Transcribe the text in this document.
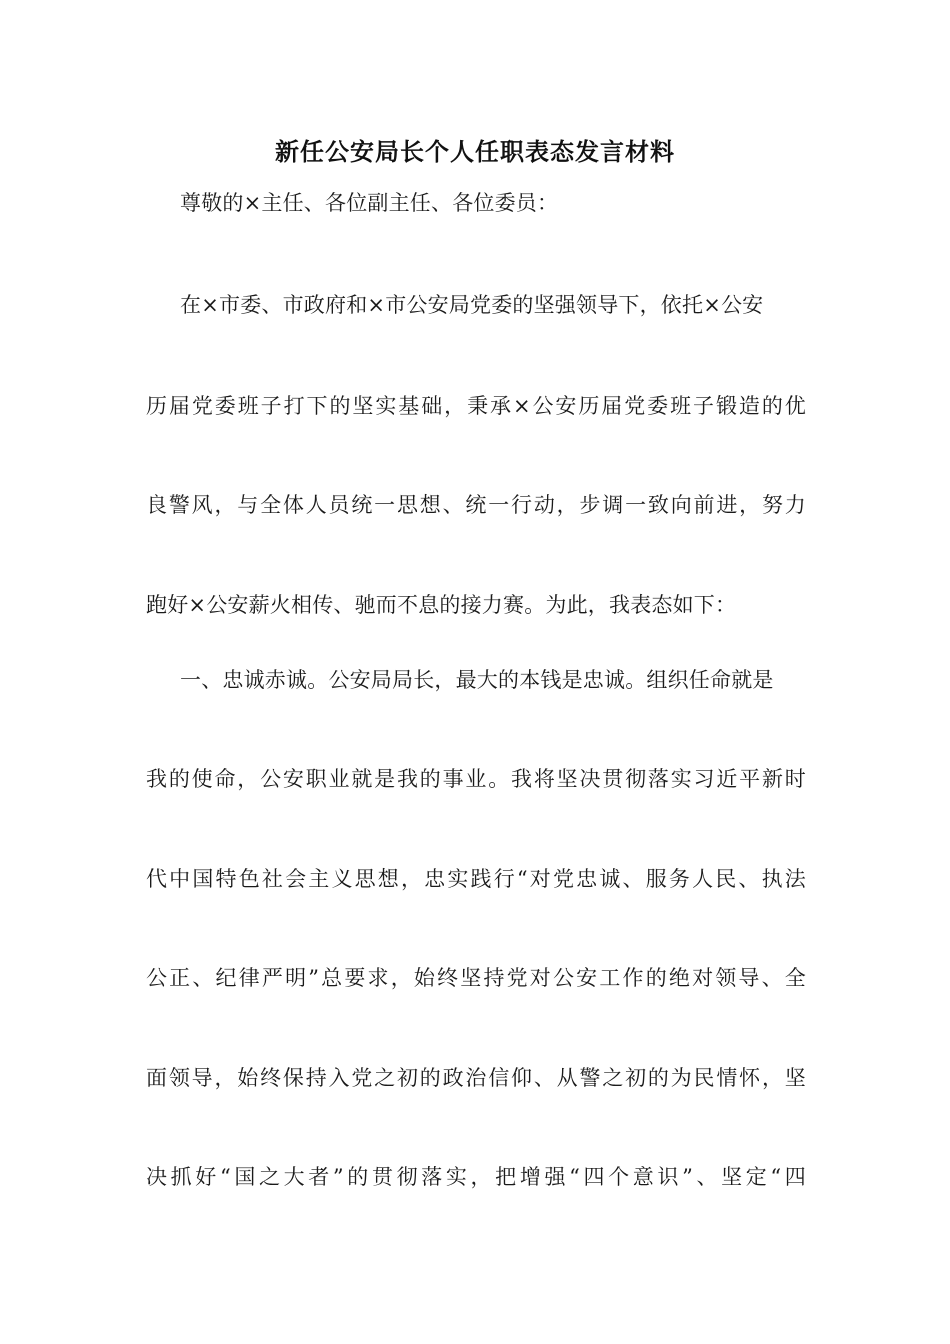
新任公安局长个人任职表态发言材料
尊敬的×主任、各位副主任、各位委员：
在×市委、市政府和×市公安局党委的坚强领导下，依托×公安
历届党委班子打下的坚实基础，秉承×公安历届党委班子锻造的优
良警风，与全体人员统一思想、统一行动，步调一致向前进，努力
跑好×公安薪火相传、驰而不息的接力赛。为此，我表态如下：
一、忠诚赤诚。公安局局长，最大的本钱是忠诚。组织任命就是
我的使命，公安职业就是我的事业。我将坚决贯彻落实习近平新时
代中国特色社会主义思想，忠实践行“对党忠诚、服务人民、执法
公正、纪律严明”总要求，始终坚持党对公安工作的绝对领导、全
面领导，始终保持入党之初的政治信仰、从警之初的为民情怀，坚
决抓好“国之大者”的贯彻落实，把增强“四个意识”、坚定“四
